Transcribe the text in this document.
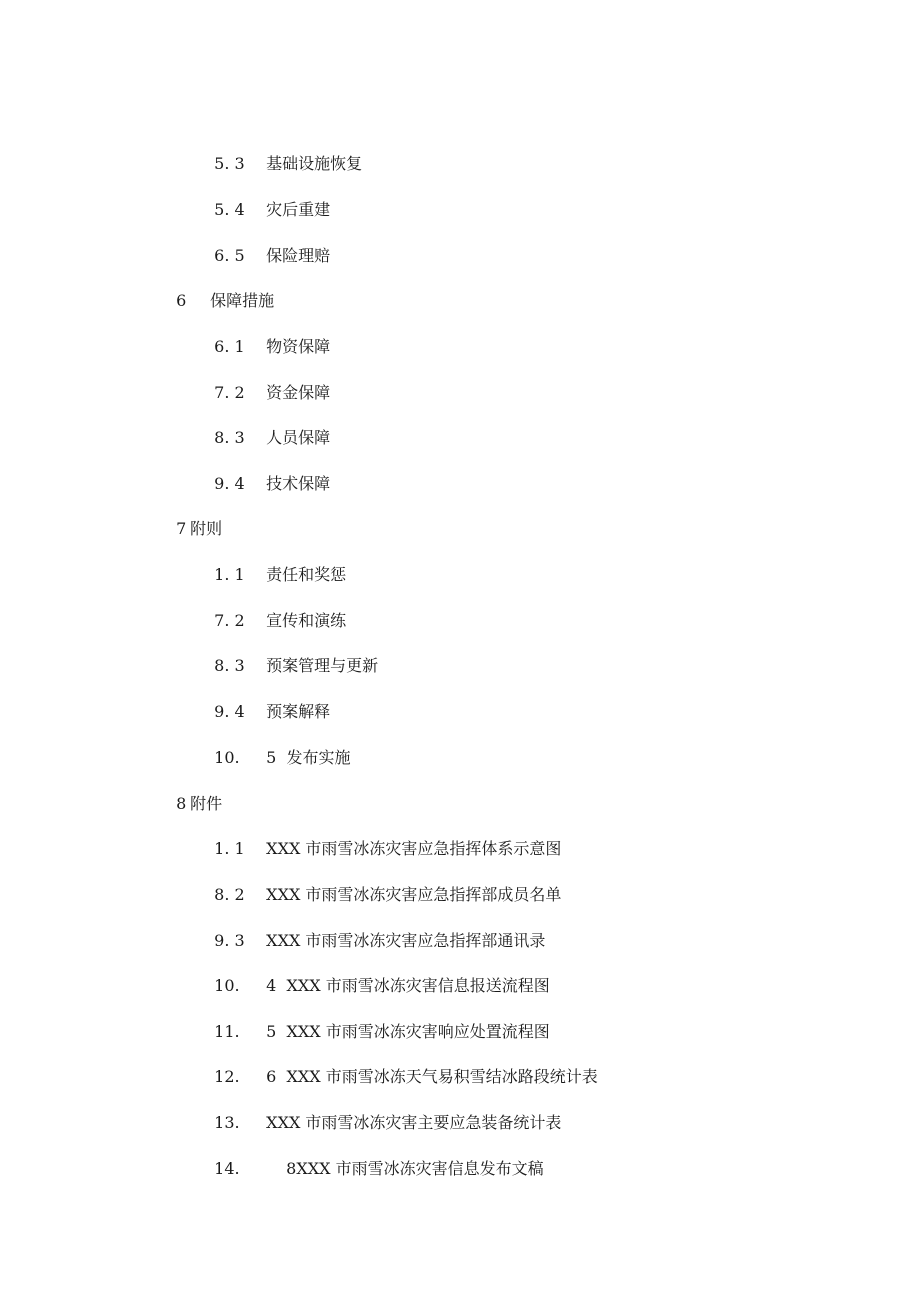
5. 3 基础设施恢复

5. 4 灾后重建

6. 5 保险理赔

6 保障措施

6. 1 物资保障

7. 2 资金保障

8. 3 人员保障

9. 4 技术保障

7 附则

1. 1 责任和奖惩

7. 2 宣传和演练

8. 3 预案管理与更新

9. 4 预案解释

10. 5  发布实施

8 附件

1. 1 XXX 市雨雪冰冻灾害应急指挥体系示意图

8. 2 XXX 市雨雪冰冻灾害应急指挥部成员名单

9. 3 XXX 市雨雪冰冻灾害应急指挥部通讯录

10. 4  XXX 市雨雪冰冻灾害信息报送流程图

11. 5  XXX 市雨雪冰冻灾害响应处置流程图

12. 6  XXX 市雨雪冰冻天气易积雪结冰路段统计表

13. XXX 市雨雪冰冻灾害主要应急装备统计表

14.	8XXX 市雨雪冰冻灾害信息发布文稿
